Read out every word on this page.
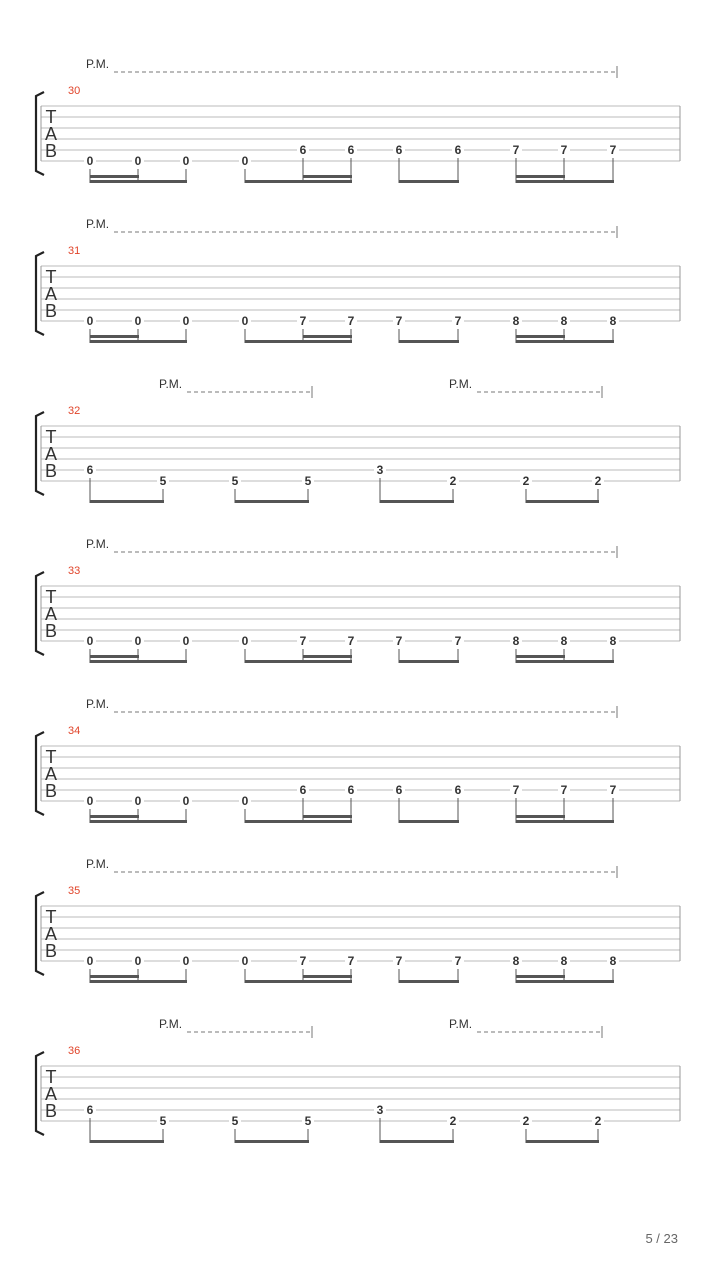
P.M.
30
T
A
B 0	0	0	0
6	6	6	6	7	7	7
P.M.
31
T
A
B 0	0	0	0	7	7	7	7	8	8	8
P.M.	P.M.
32
T
A
B 6
5	5	5
3
2	2	2
P.M.
33
T
A
B 0	0	0	0	7	7	7	7	8	8	8
P.M.
34
T
A
B 0	0	0	0
6	6	6	6	7	7	7
P.M.
35
T
A
B 0	0	0	0	7	7	7	7	8	8	8
P.M.	P.M.
36
T
A
B 6
5	5	5
3
2	2	2
5 / 23
